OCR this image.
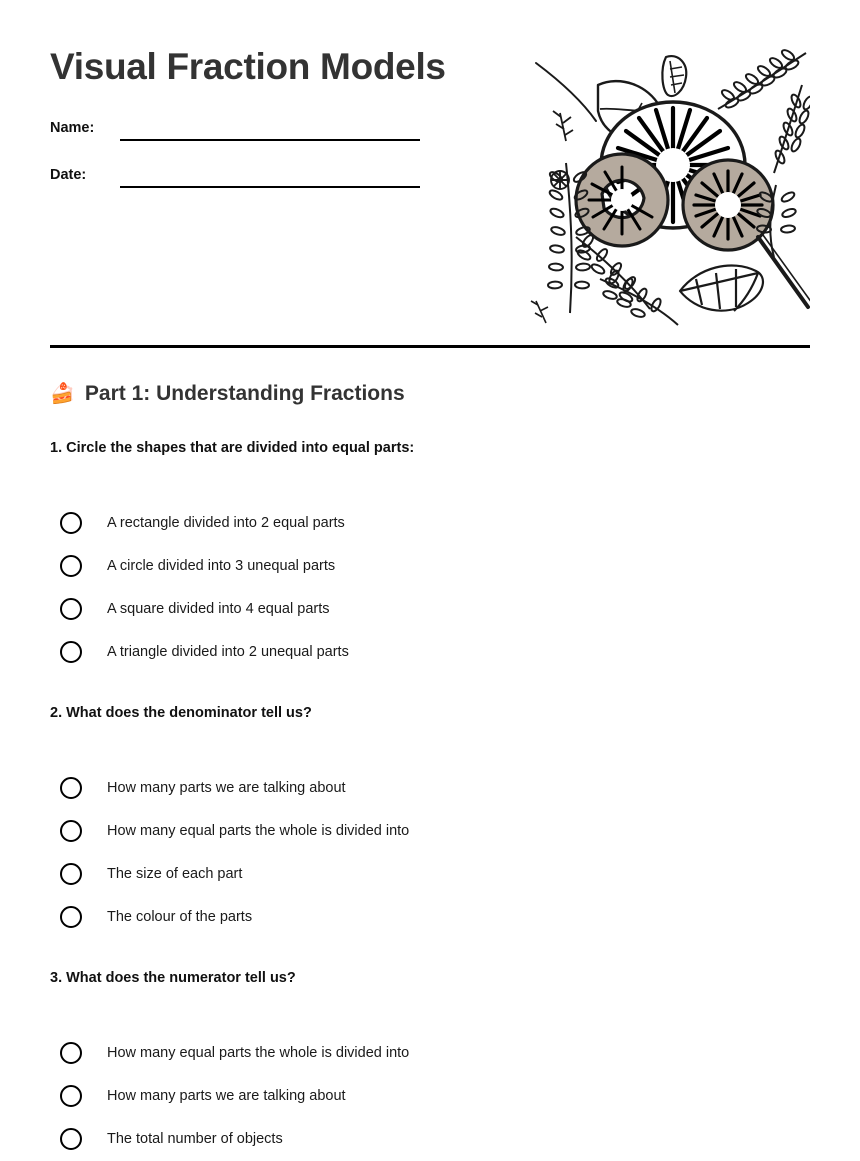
Visual Fraction Models
Name:
Date:
🍰 Part 1: Understanding Fractions

1. Circle the shapes that are divided into equal parts:

A rectangle divided into 2 equal parts
A circle divided into 3 unequal parts
A square divided into 4 equal parts
A triangle divided into 2 unequal parts

2. What does the denominator tell us?

How many parts we are talking about
How many equal parts the whole is divided into
The size of each part
The colour of the parts

3. What does the numerator tell us?

How many equal parts the whole is divided into
How many parts we are talking about
The total number of objects
